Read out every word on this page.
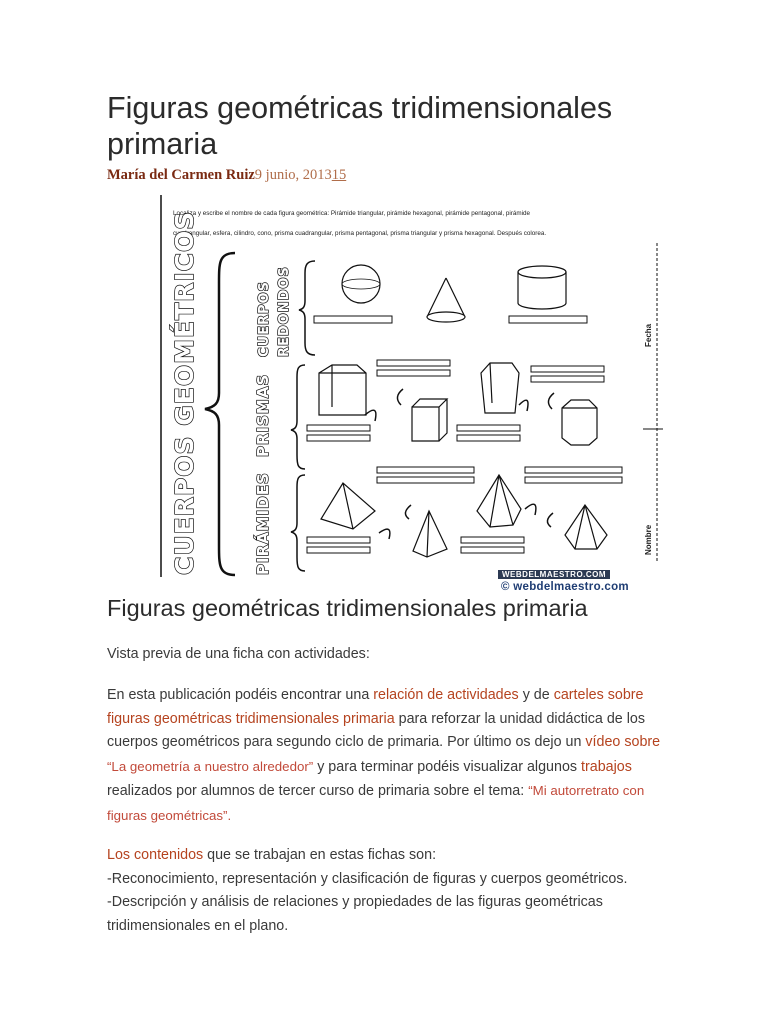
Figuras geométricas tridimensionales primaria
María del Carmen Ruiz9 junio, 201315
Localiza y escribe el nombre de cada figura geométrica: Pirámide triangular, pirámide hexagonal, pirámide pentagonal, pirámide
cuadrangular, esfera, cilindro, cono, prisma cuadrangular, prisma pentagonal, prisma triangular y prisma hexagonal. Después colorea.
CUERPOS GEOMÉTRICOS	PIRÁMIDES
PRISMAS
CUERPOS REDONDOS	Fecha
Nombre
WEBDELMAESTRO.COM
© webdelmaestro.com
Figuras geométricas tridimensionales primaria

Vista previa de una ficha con actividades:

En esta publicación podéis encontrar una relación de actividades y de carteles sobre figuras geométricas tridimensionales primaria para reforzar la unidad didáctica de los cuerpos geométricos para segundo ciclo de primaria. Por último os dejo un vídeo sobre “La geometría a nuestro alrededor” y para terminar podéis visualizar algunos trabajos realizados por alumnos de tercer curso de primaria sobre el tema: “Mi autorretrato con figuras geométricas”.

Los contenidos que se trabajan en estas fichas son:
-Reconocimiento, representación y clasificación de figuras y cuerpos geométricos.
-Descripción y análisis de relaciones y propiedades de las figuras geométricas tridimensionales en el plano.
